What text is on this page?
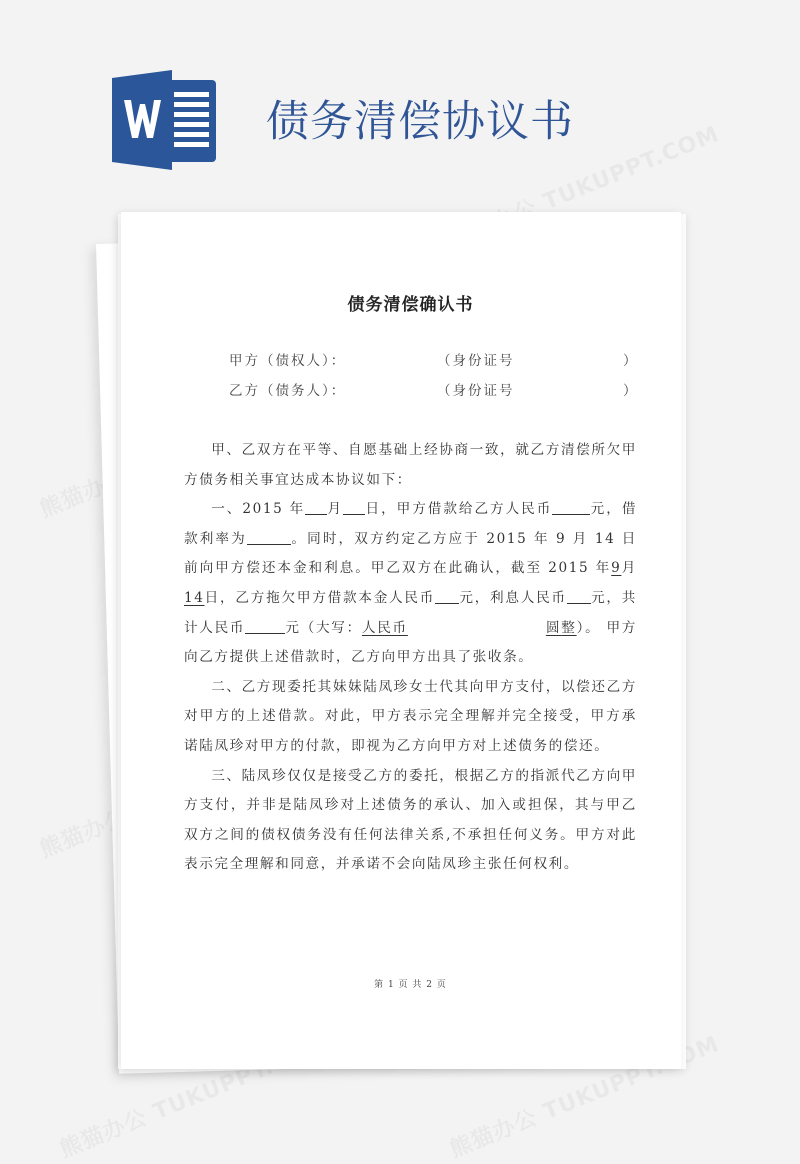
债务清偿协议书
债务清偿确认书
甲方（债权人）：	（身份证号	）
乙方（债务人）：	（身份证号	）

甲、乙双方在平等、自愿基础上经协商一致，就乙方清偿所欠甲方债务相关事宜达成本协议如下：

一、2015 年 月 日，甲方借款给乙方人民币	元，借款利率为	。同时，双方约定乙方应于 2015 年 9 月 14 日前向甲方偿还本金和利息。甲乙双方在此确认，截至 2015 年9月14日，乙方拖欠甲方借款本金人民币 元，利息人民币 元，共计人民币	元（大写：人民币	圆整）。 甲方向乙方提供上述借款时，乙方向甲方出具了张收条。

二、乙方现委托其妹妹陆凤珍女士代其向甲方支付，以偿还乙方对甲方的上述借款。对此，甲方表示完全理解并完全接受，甲方承诺陆凤珍对甲方的付款，即视为乙方向甲方对上述债务的偿还。

三、陆凤珍仅仅是接受乙方的委托，根据乙方的指派代乙方向甲方支付，并非是陆凤珍对上述债务的承认、加入或担保，其与甲乙双方之间的债权债务没有任何法律关系,不承担任何义务。甲方对此表示完全理解和同意，并承诺不会向陆凤珍主张任何权利。

第 1 页 共 2 页
